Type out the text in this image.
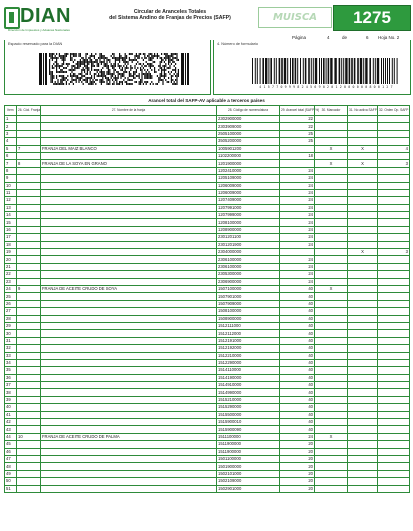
DIAN
Dirección de Impuestos y Aduanas Nacionales
Circular de Aranceles Totales
del Sistema Andino de Franjas de Precios (SAFP)	MUISCA	1275
Página	4	de	6 Hoja No. 2
Espacio reservado para la DIAN	4. Número de formulario
4 1 5 7 7 0 9 9 9 8 2 4 5 6 9 0 2 0 1 2 0 0 0 0 0 0 8 0 0 1 2 7
Arancel total del SAFP-AV aplicable a terceros países
Item	26. Cód. Franja	27. Nombre de la franja	28. Código de nomenclatura	29. Arancel total (SAFP-%)	30. Marcador	31. No activa SAFP	32. Orden Op. SAFP
1			2302900000	22			
2			2303909000	22			
3			2505100000	25			
4			3505200000	25			
5	7	FRANJA DEL MAIZ BLANCO	1005901200		X	X	4
6			1102200000	18			
7	8	FRANJA DE LA SOYA EN GRANO	1201900000		X	X	3
8			1202410000	24			
9			1205109000	24			
10			1206009000	24			
11			1206009000	24			
12			1207409000	24			
13			1207991000	24			
14			1207999000	24			
15			1208100000	24			
16			1208900000	24			
17			2301201100	24			
18			2301201900	24			
19			2304000000			X	3
20			2306100000	24			
21			2306100000	24			
22			2305300000	24			
23			2306900000	24			
24	9	FRANJA DE ACEITE CRUDO DE SOYA	1507100000	40	X		
25			1507901000	40			
26			1507909000	40			
27			1508100000	40			
28			1508900000	40			
29			1512111000	40			
30			1512112000	40			
31			1512191000	40			
32			1512192000	40			
33			1512210000	40			
34			1512290000	40			
35			1514110000	40			
36			1514190000	40			
37			1514910000	40			
38			1514990000	40			
39			1515210000	40			
40			1515290000	40			
41			1515500000	40			
42			1515900010	40			
43			1515900090	40			
44	10	FRANJA DE ACEITE CRUDO DE PALMA	1511100000	24	X		
45			1511900000	20			
46			1511900000	20			
47			1501100000	20			
48			1501900000	20			
49			1502101000	20			
50			1502109000	20			
51			1502901000	20			
